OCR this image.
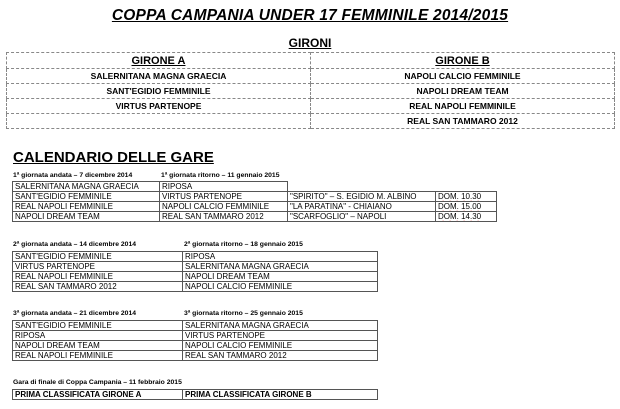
COPPA CAMPANIA UNDER 17 FEMMINILE 2014/2015
GIRONI
GIRONE A	GIRONE B
SALERNITANA MAGNA GRAECIA	NAPOLI CALCIO FEMMINILE
SANT'EGIDIO FEMMINILE	NAPOLI DREAM TEAM
VIRTUS PARTENOPE	REAL NAPOLI FEMMINILE
	REAL SAN TAMMARO 2012
CALENDARIO DELLE GARE
1ª giornata andata – 7 dicembre 2014	1ª giornata ritorno – 11 gennaio 2015
SALERNITANA MAGNA GRAECIA	RIPOSA		
SANT'EGIDIO FEMMINILE	VIRTUS PARTENOPE	"SPIRITO" – S. EGIDIO M. ALBINO	DOM. 10.30
REAL NAPOLI FEMMINILE	NAPOLI CALCIO FEMMINILE	"LA PARATINA" - CHIAIANO	DOM. 15.00
NAPOLI DREAM TEAM	REAL SAN TAMMARO 2012	"SCARFOGLIO" – NAPOLI	DOM. 14.30
2ª giornata andata – 14 dicembre 2014	2ª giornata ritorno – 18 gennaio 2015
SANT'EGIDIO FEMMINILE	RIPOSA
VIRTUS PARTENOPE	SALERNITANA MAGNA GRAECIA
REAL NAPOLI FEMMINILE	NAPOLI DREAM TEAM
REAL SAN TAMMARO 2012	NAPOLI CALCIO FEMMINILE
3ª giornata andata – 21 dicembre 2014	3ª giornata ritorno – 25 gennaio 2015
SANT'EGIDIO FEMMINILE	SALERNITANA MAGNA GRAECIA
RIPOSA	VIRTUS PARTENOPE
NAPOLI DREAM TEAM	NAPOLI CALCIO FEMMINILE
REAL NAPOLI FEMMINILE	REAL SAN TAMMARO 2012
Gara di finale di Coppa Campania – 11 febbraio 2015
PRIMA CLASSIFICATA GIRONE A	PRIMA CLASSIFICATA GIRONE B
